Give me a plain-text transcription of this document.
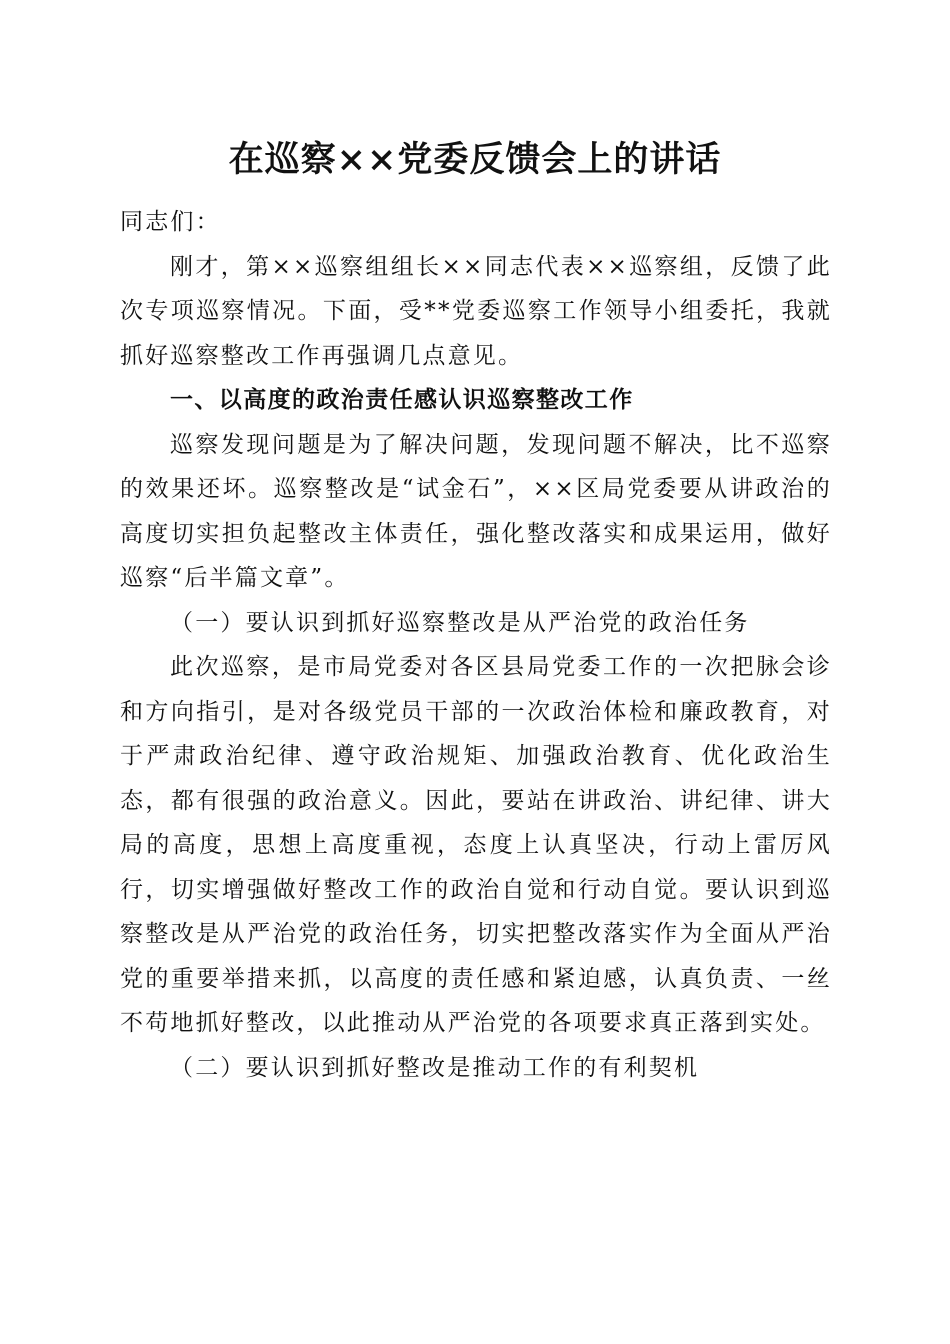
在巡察××党委反馈会上的讲话

同志们：

刚才，第××巡察组组长××同志代表××巡察组，反馈了此次专项巡察情况。下面，受**党委巡察工作领导小组委托，我就抓好巡察整改工作再强调几点意见。

一、以高度的政治责任感认识巡察整改工作

巡察发现问题是为了解决问题，发现问题不解决，比不巡察的效果还坏。巡察整改是“试金石”，××区局党委要从讲政治的高度切实担负起整改主体责任，强化整改落实和成果运用，做好巡察“后半篇文章”。

（一）要认识到抓好巡察整改是从严治党的政治任务

此次巡察，是市局党委对各区县局党委工作的一次把脉会诊和方向指引，是对各级党员干部的一次政治体检和廉政教育，对于严肃政治纪律、遵守政治规矩、加强政治教育、优化政治生态，都有很强的政治意义。因此，要站在讲政治、讲纪律、讲大局的高度，思想上高度重视，态度上认真坚决，行动上雷厉风行，切实增强做好整改工作的政治自觉和行动自觉。要认识到巡察整改是从严治党的政治任务，切实把整改落实作为全面从严治党的重要举措来抓，以高度的责任感和紧迫感，认真负责、一丝不苟地抓好整改，以此推动从严治党的各项要求真正落到实处。

（二）要认识到抓好整改是推动工作的有利契机
